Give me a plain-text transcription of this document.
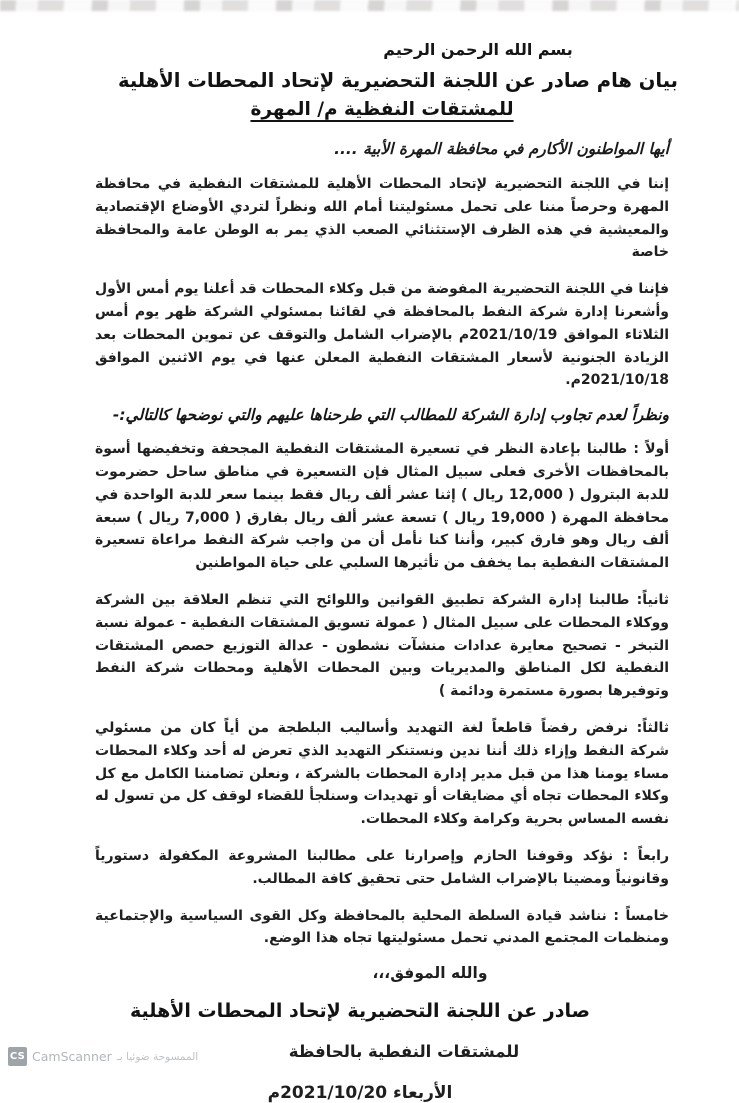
بسم الله الرحمن الرحيم
بيان هام صادر عن اللجنة التحضيرية لإتحاد المحطات الأهلية
للمشتقات النفظية م/ المهرة
أيها المواطنون الأكارم في محافظة المهرة الأبية ....

إننا في اللجنة التحضيرية لإتحاد المحطات الأهلية للمشتقات النفظية في محافظة المهرة وحرصاً مننا على تحمل مسئوليتنا أمام الله ونظراً لتردي الأوضاع الإقتصادية والمعيشية في هذه الظرف الإستثنائي الصعب الذي يمر به الوطن عامة والمحافظة خاصة

فإننا في اللجنة التحضيرية المفوضة من قبل وكلاء المحطات قد أعلنا يوم أمس الأول وأشعرنا إدارة شركة النفط بالمحافظة في لقائنا بمسئولي الشركة ظهر يوم أمس الثلاثاء الموافق 2021/10/19م بالإضراب الشامل والتوقف عن تموين المحطات بعد الزيادة الجنونية لأسعار المشتقات النفطية المعلن عنها في يوم الاثنين الموافق 2021/10/18م.

ونظراً لعدم تجاوب إدارة الشركة للمطالب التي طرحناها عليهم والتي نوضحها كالتالي:-

أولاً : طالبنا بإعادة النظر في تسعيرة المشتقات النفطية المجحفة وتخفيضها أسوة بالمحافظات الأخرى فعلى سبيل المثال فإن التسعيرة في مناطق ساحل حضرموت للدبة البترول ( 12,000 ريال ) إثنا عشر ألف ريال فقط بينما سعر للدبة الواحدة في محافظة المهرة ( 19,000 ريال ) تسعة عشر ألف ريال بفارق ( 7,000 ريال ) سبعة ألف ريال وهو فارق كبير، وأننا كنا نأمل أن من واجب شركة النفط مراعاة تسعيرة المشتقات النفطية بما يخفف من تأثيرها السلبي على حياة المواطنين

ثانياً: طالبنا إدارة الشركة تطبيق القوانين واللوائح التي تنظم العلاقة بين الشركة ووكلاء المحطات على سبيل المثال ( عمولة تسويق المشتقات النفطية - عمولة نسبة التبخر - تصحيح معايرة عدادات منشآت نشطون - عدالة التوزيع حصص المشتقات النفطية لكل المناطق والمديريات وبين المحطات الأهلية ومحطات شركة النفط وتوفيرها بصورة مستمرة ودائمة )

ثالثاً: نرفض رفضاً قاطعاً لغة التهديد وأساليب البلطجة من أياً كان من مسئولي شركة النفط وإزاء ذلك أننا ندين ونستنكر التهديد الذي تعرض له أحد وكلاء المحطات مساء يومنا هذا من قبل مدير إدارة المحطات بالشركة ، ونعلن تضامننا الكامل مع كل وكلاء المحطات تجاه أي مضايقات أو تهديدات وسنلجأ للقضاء لوقف كل من تسول له نفسه المساس بحرية وكرامة وكلاء المحطات.

رابعاً : نؤكد وقوفنا الحازم وإصرارنا على مطالبنا المشروعة المكفولة دستورياً وقانونياً ومضينا بالإضراب الشامل حتى تحقيق كافة المطالب.

خامساً : نناشد قيادة السلطة المحلية بالمحافظة وكل القوى السياسية والإجتماعية ومنظمات المجتمع المدني تحمل مسئوليتها تجاه هذا الوضع.

والله الموفق،،،
صادر عن اللجنة التحضيرية لإتحاد المحطات الأهلية
للمشتقات النفطية بالحافظة
الأربعاء 2021/10/20م
CS CamScanner الممسوحة ضوئيا بـ
